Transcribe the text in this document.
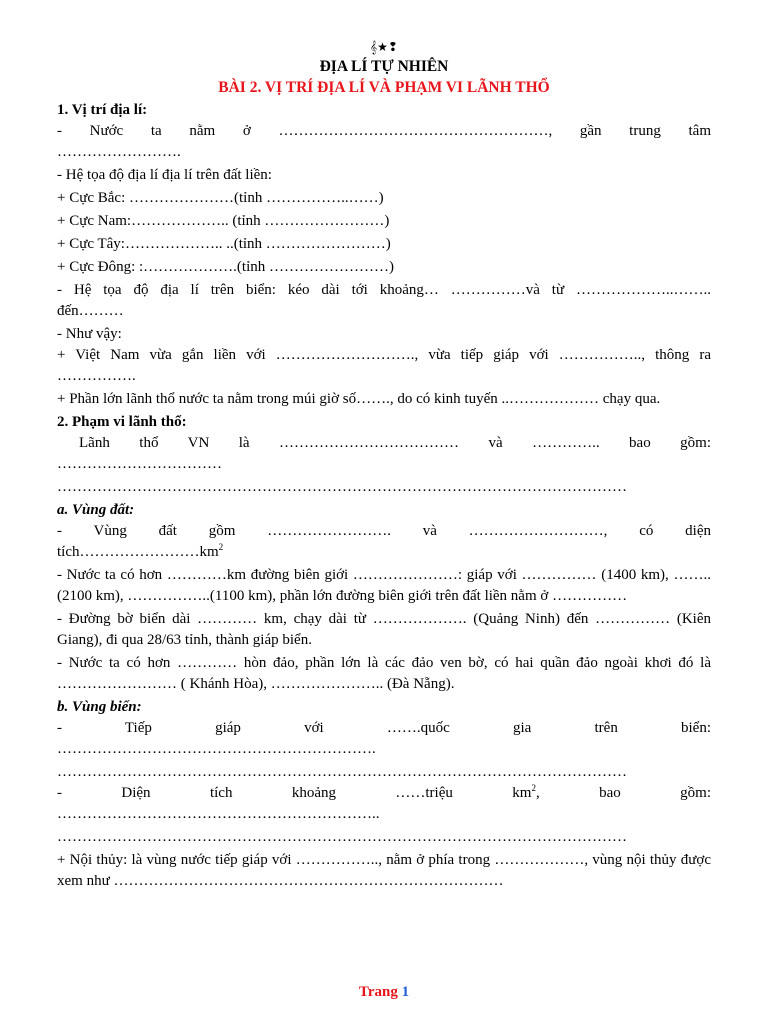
𝄞★❢
ĐỊA LÍ TỰ NHIÊN
BÀI 2. VỊ TRÍ ĐỊA LÍ VÀ PHẠM VI LÃNH THỔ

1. Vị trí địa lí:

- Nước ta nằm ở ………………………………………………, gần trung tâm

…………………….

- Hệ tọa độ địa lí địa lí trên đất liền:

+ Cực Bắc: …………………(tỉnh ……………..……)

+ Cực Nam:……………….. (tỉnh ……………………)

+ Cực Tây:……………….. ..(tỉnh ……………………)

+ Cực Đông: :……………….(tỉnh ……………………)

- Hệ tọa độ địa lí trên biển: kéo dài tới khoảng… ……………và từ ………………..……..

đến………

- Như vậy:

+ Việt Nam vừa gắn liền với ………………………., vừa tiếp giáp với …………….., thông ra

…………….

+ Phần lớn lãnh thổ nước ta nằm trong múi giờ số……., do có kinh tuyến ..……………… chạy qua.

2. Phạm vi lãnh thổ:

Lãnh thổ VN là ……………………………… và ………….. bao gồm:

……………………………

……………………………………………………………………………………………………

a. Vùng đất:

- Vùng đất gồm ……………………. và ………………………, có diện

$tích\dots\dots\dots\dots\dots\dots\dots\dots km^2$

- Nước ta có hơn …………km đường biên giới …………………: giáp với …………… (1400 km), ……..(2100 km), ……………..(1100 km), phần lớn đường biên giới trên đất liền nằm ở ……………

- Đường bờ biển dài ………… km, chạy dài từ ………………. (Quảng Ninh) đến …………… (Kiên Giang), đi qua 28/63 tỉnh, thành giáp biển.

- Nước ta có hơn ………… hòn đảo, phần lớn là các đảo ven bờ, có hai quần đảo ngoài khơi đó là …………………… ( Khánh Hòa), ………………….. (Đà Nẵng).

b. Vùng biển:

- Tiếp giáp với …….quốc gia trên biển:

……………………………………………………….

……………………………………………………………………………………………………

- Diện tích khoảng ……triệu $km^2$, bao gồm:

………………………………………………………..

……………………………………………………………………………………………………

+ Nội thủy: là vùng nước tiếp giáp với …………….., nằm ở phía trong ………………, vùng nội thủy được xem như ……………………………………………………………………

Trang 1
